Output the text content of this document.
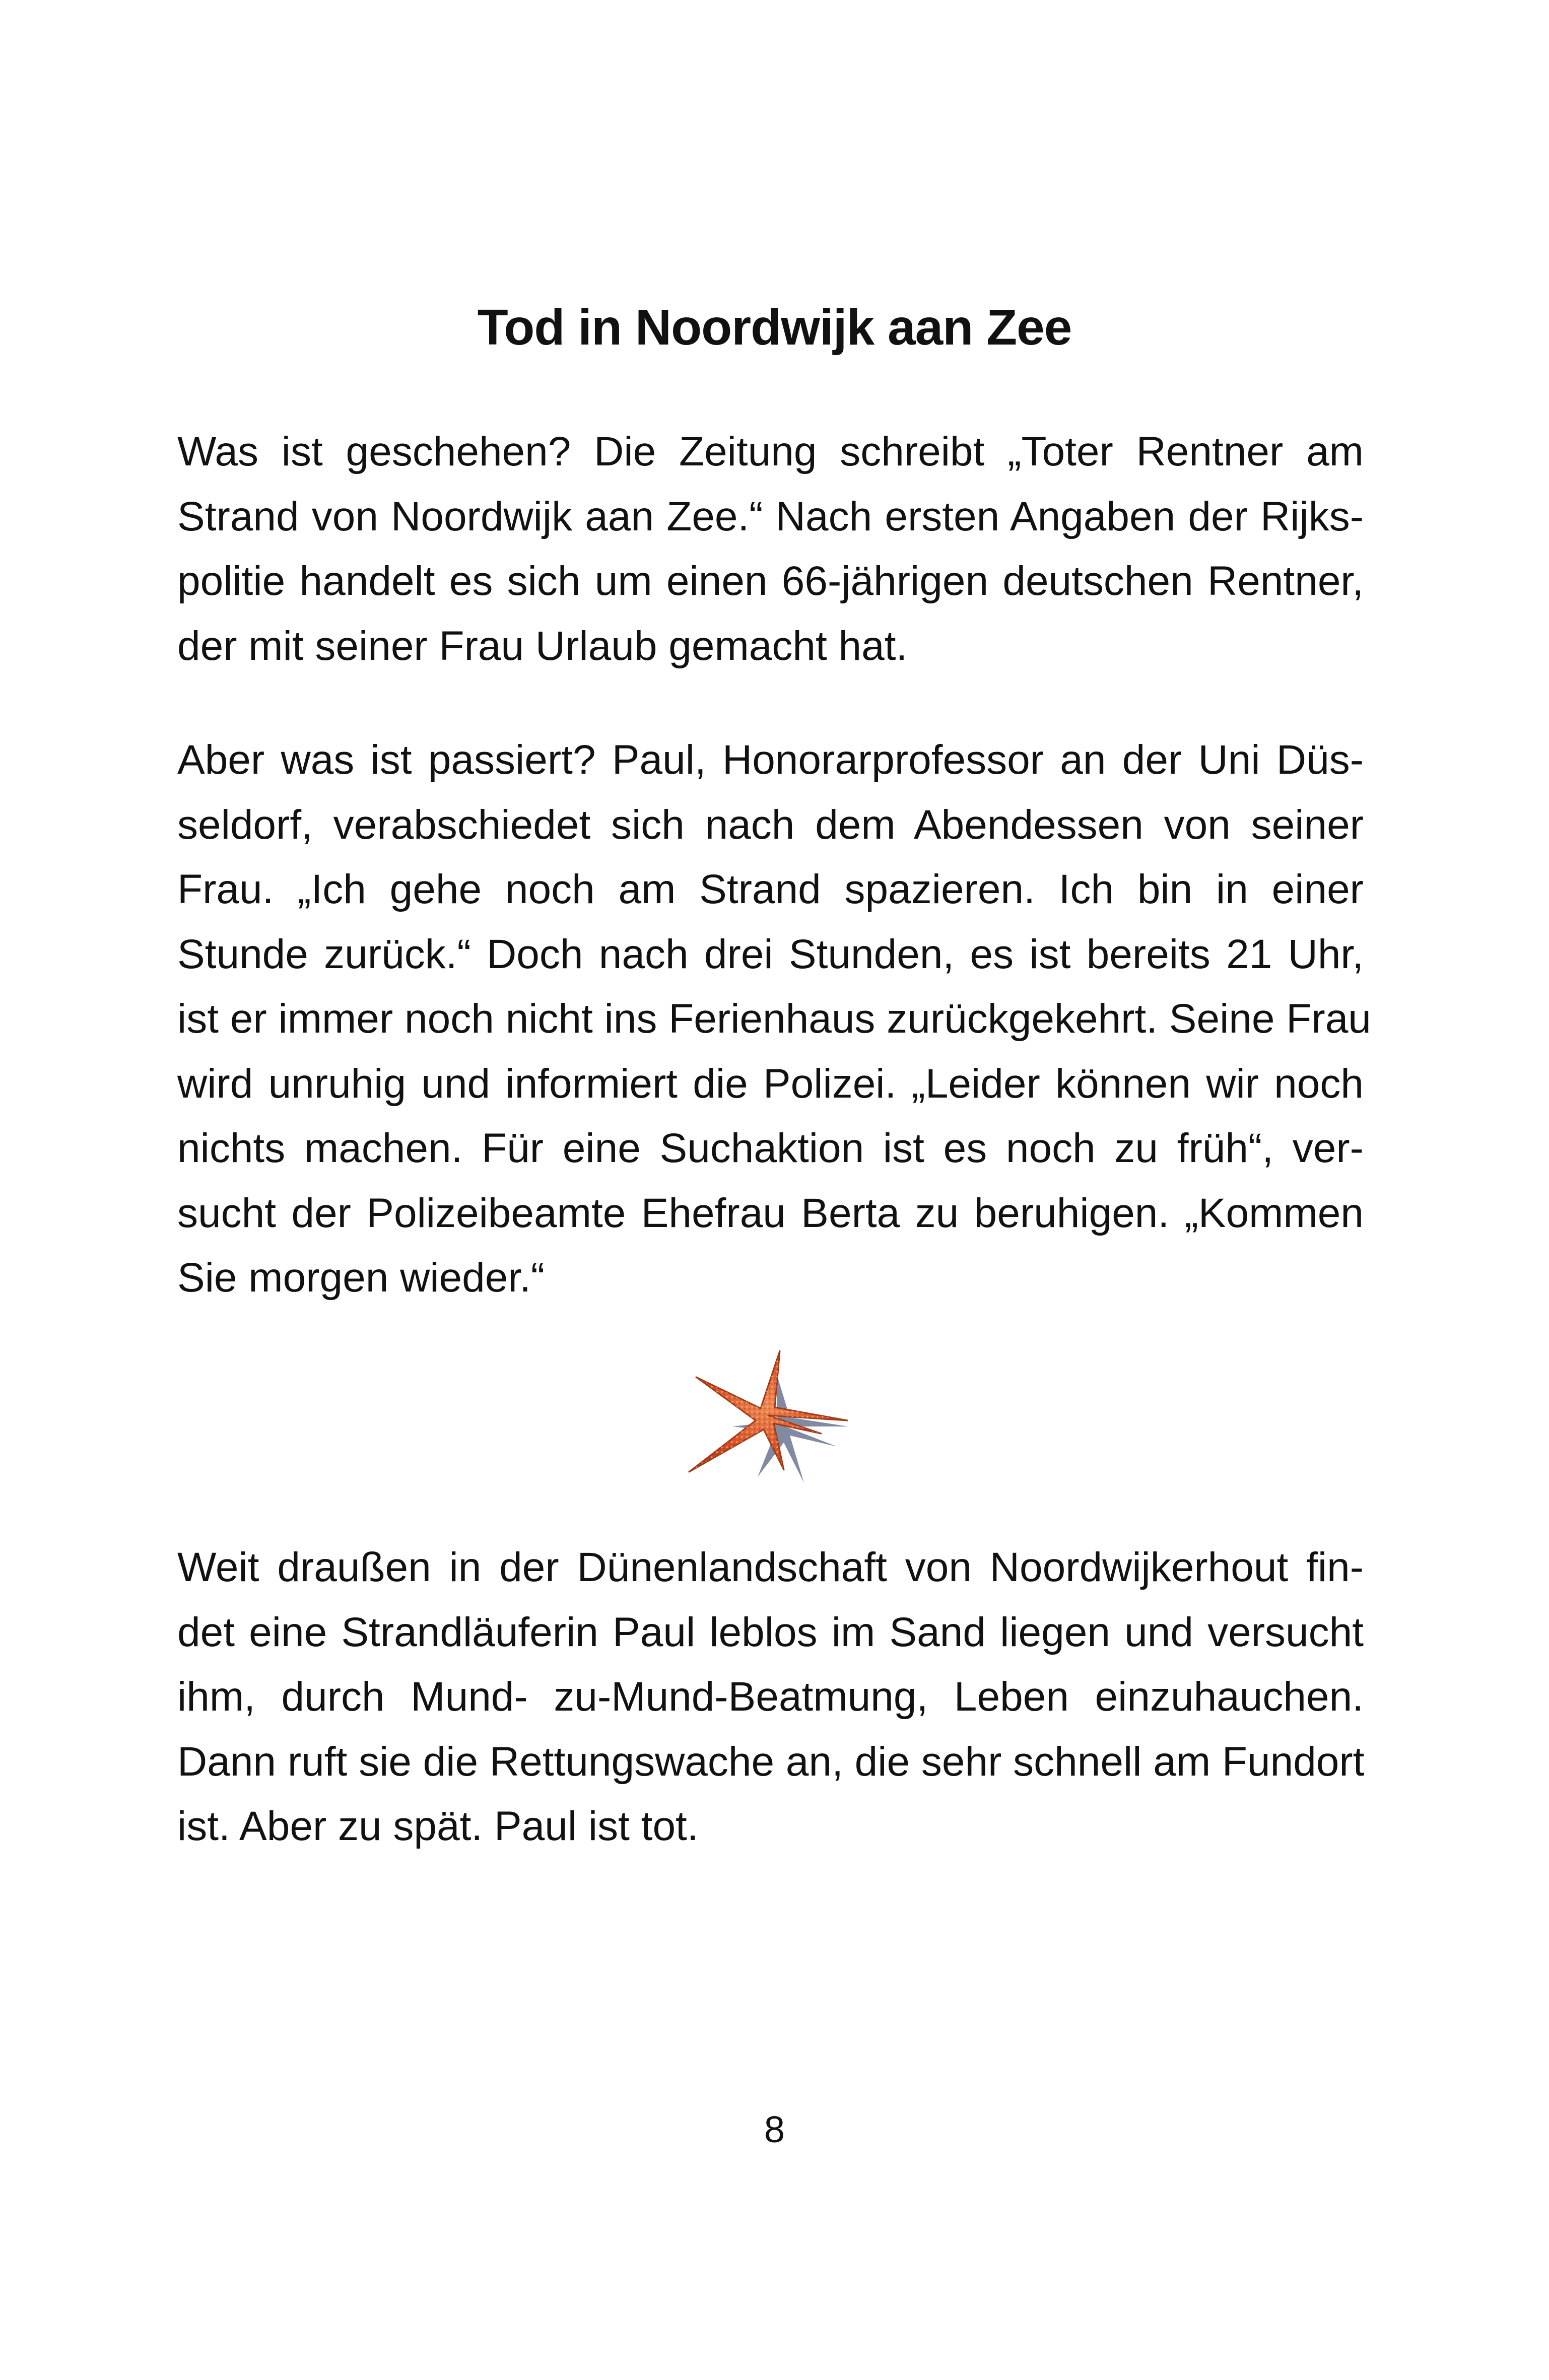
Tod in Noordwijk aan Zee

Was ist geschehen? Die Zeitung schreibt „Toter Rentner am
Strand von Noordwijk aan Zee.“ Nach ersten Angaben der Rijks-
politie handelt es sich um einen 66-jährigen deutschen Rentner,
der mit seiner Frau Urlaub gemacht hat.

Aber was ist passiert? Paul, Honorarprofessor an der Uni Düs-
seldorf, verabschiedet sich nach dem Abendessen von seiner
Frau. „Ich gehe noch am Strand spazieren. Ich bin in einer
Stunde zurück.“ Doch nach drei Stunden, es ist bereits 21 Uhr,
ist er immer noch nicht ins Ferienhaus zurückgekehrt. Seine Frau
wird unruhig und informiert die Polizei. „Leider können wir noch
nichts machen. Für eine Suchaktion ist es noch zu früh“, ver-
sucht der Polizeibeamte Ehefrau Berta zu beruhigen. „Kommen
Sie morgen wieder.“

Weit draußen in der Dünenlandschaft von Noordwijkerhout fin-
det eine Strandläuferin Paul leblos im Sand liegen und versucht
ihm, durch Mund- zu-Mund-Beatmung, Leben einzuhauchen.
Dann ruft sie die Rettungswache an, die sehr schnell am Fundort
ist. Aber zu spät. Paul ist tot.

8
